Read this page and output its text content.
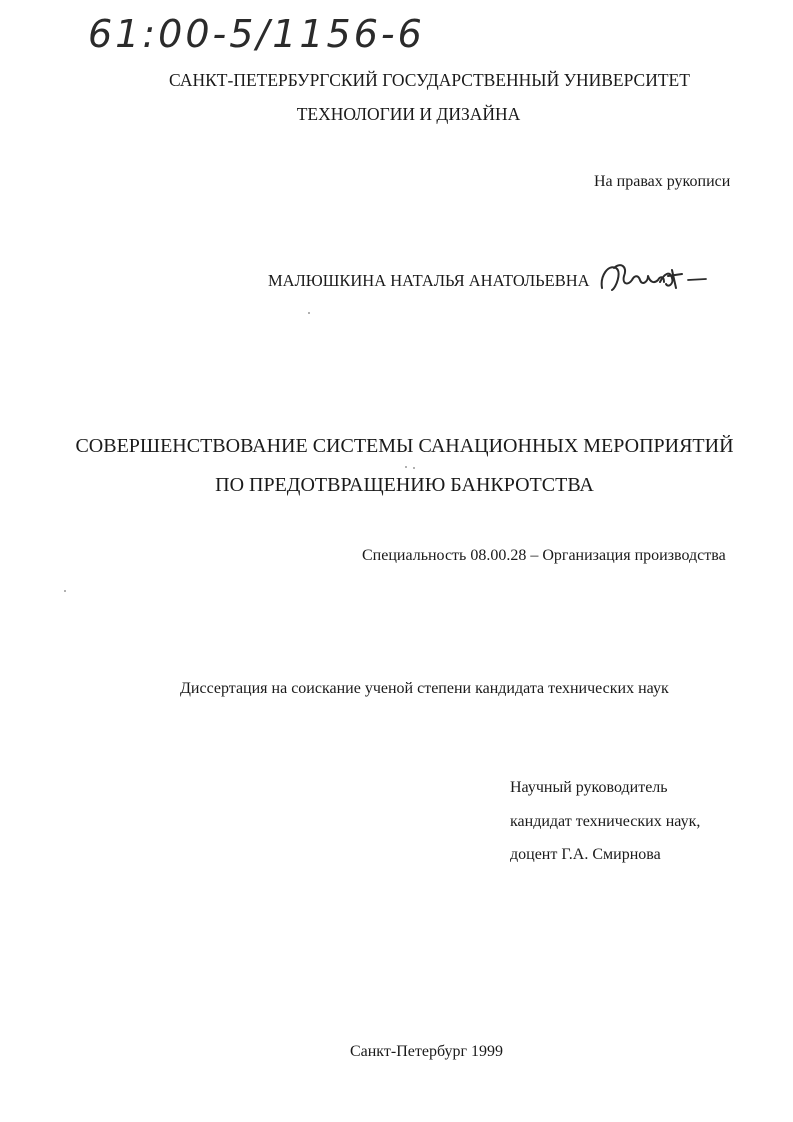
61:00-5/1156-6
САНКТ-ПЕТЕРБУРГСКИЙ ГОСУДАРСТВЕННЫЙ УНИВЕРСИТЕТ
ТЕХНОЛОГИИ И ДИЗАЙНА
На правах рукописи
МАЛЮШКИНА НАТАЛЬЯ АНАТОЛЬЕВНА
СОВЕРШЕНСТВОВАНИЕ СИСТЕМЫ САНАЦИОННЫХ МЕРОПРИЯТИЙ
ПО ПРЕДОТВРАЩЕНИЮ БАНКРОТСТВА
Специальность 08.00.28 – Организация производства
Диссертация на соискание ученой степени кандидата технических наук
Научный руководитель
кандидат технических наук,
доцент Г.А. Смирнова
Санкт-Петербург 1999
